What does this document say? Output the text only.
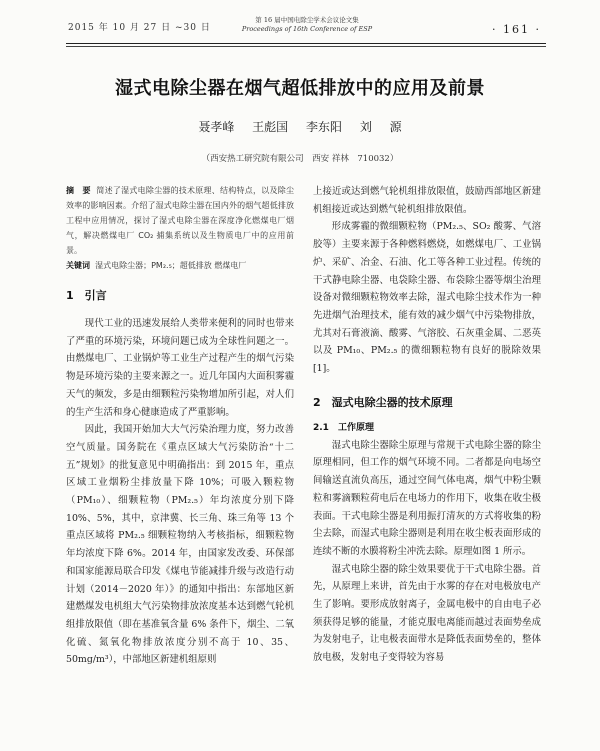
2015 年 10 月 27 日 ~30 日
第 16 届中国电除尘学术会议论文集
Proceedings of 16th Conference of ESP	· 161 ·
湿式电除尘器在烟气超低排放中的应用及前景
聂孝峰 王彪国 李东阳 刘 源
（西安热工研究院有限公司　西安 祥林　710032）

摘　要 简述了湿式电除尘器的技术原理、结构特点，以及除尘效率的影响因素。介绍了湿式电除尘器在国内外的烟气超低排放工程中应用情况，探讨了湿式电除尘器在深度净化燃煤电厂烟气，解决燃煤电厂 CO₂ 捕集系统以及生物质电厂中的应用前景。

关键词 湿式电除尘器；PM₂.₅；超低排放 燃煤电厂

1　引言

现代工业的迅速发展给人类带来便利的同时也带来了严重的环境污染，环境问题已成为全球性问题之一。由燃煤电厂、工业锅炉等工业生产过程产生的烟气污染物是环境污染的主要来源之一。近几年国内大面积雾霾天气的频发，多是由细颗粒污染物增加所引起，对人们的生产生活和身心健康造成了严重影响。

因此，我国开始加大大气污染治理力度，努力改善空气质量。国务院在《重点区域大气污染防治“十二五”规划》的批复意见中明确指出：到 2015 年，重点区域工业烟粉尘排放量下降 10%；可吸入颗粒物（PM₁₀）、细颗粒物（PM₂.₅）年均浓度分别下降 10%、5%，其中，京津冀、长三角、珠三角等 13 个重点区域将 PM₂.₅ 细颗粒物纳入考核指标，细颗粒物年均浓度下降 6%。2014 年，由国家发改委、环保部和国家能源局联合印发《煤电节能减排升级与改造行动计划（2014－2020 年）》的通知中指出：东部地区新建燃煤发电机组大气污染物排放浓度基本达到燃气轮机组排放限值（即在基准氧含量 6% 条件下，烟尘、二氧化硫、氮氧化物排放浓度分别不高于 10、35、50mg/m³），中部地区新建机组原则

上接近或达到燃气轮机组排放限值，鼓励西部地区新建机组接近或达到燃气轮机组排放限值。

形成雾霾的微细颗粒物（PM₂.₅、SO₂ 酸雾、气溶胶等）主要来源于各种燃料燃烧，如燃煤电厂、工业锅炉、采矿、冶金、石油、化工等各种工业过程。传统的干式静电除尘器、电袋除尘器、布袋除尘器等烟尘治理设备对微细颗粒物效率去除，湿式电除尘技术作为一种先进烟气治理技术，能有效的减少烟气中污染物排放，尤其对石膏液滴、酸雾、气溶胶、石灰重金属、二恶英以及 PM₁₀、PM₂.₅ 的微细颗粒物有良好的脱除效果[1]。

2　湿式电除尘器的技术原理
2.1　工作原理

湿式电除尘器除尘原理与常规干式电除尘器的除尘原理相同，但工作的烟气环境不同。二者都是向电场空间输送直流负高压，通过空间气体电离，烟气中粉尘颗粒和雾滴颗粒荷电后在电场力的作用下，收集在收尘极表面。干式电除尘器是利用振打清灰的方式将收集的粉尘去除，而湿式电除尘器则是利用在收尘板表面形成的连续不断的水膜将粉尘冲洗去除。原理如图 1 所示。

湿式电除尘器的除尘效果要优于干式电除尘器。首先，从原理上来讲，首先由于水雾的存在对电极放电产生了影响。要形成放射离子，金属电极中的自由电子必须获得足够的能量，才能克服电离能而越过表面势垒成为发射电子，让电极表面带水是降低表面势垒的，整体放电极，发射电子变得较为容易
